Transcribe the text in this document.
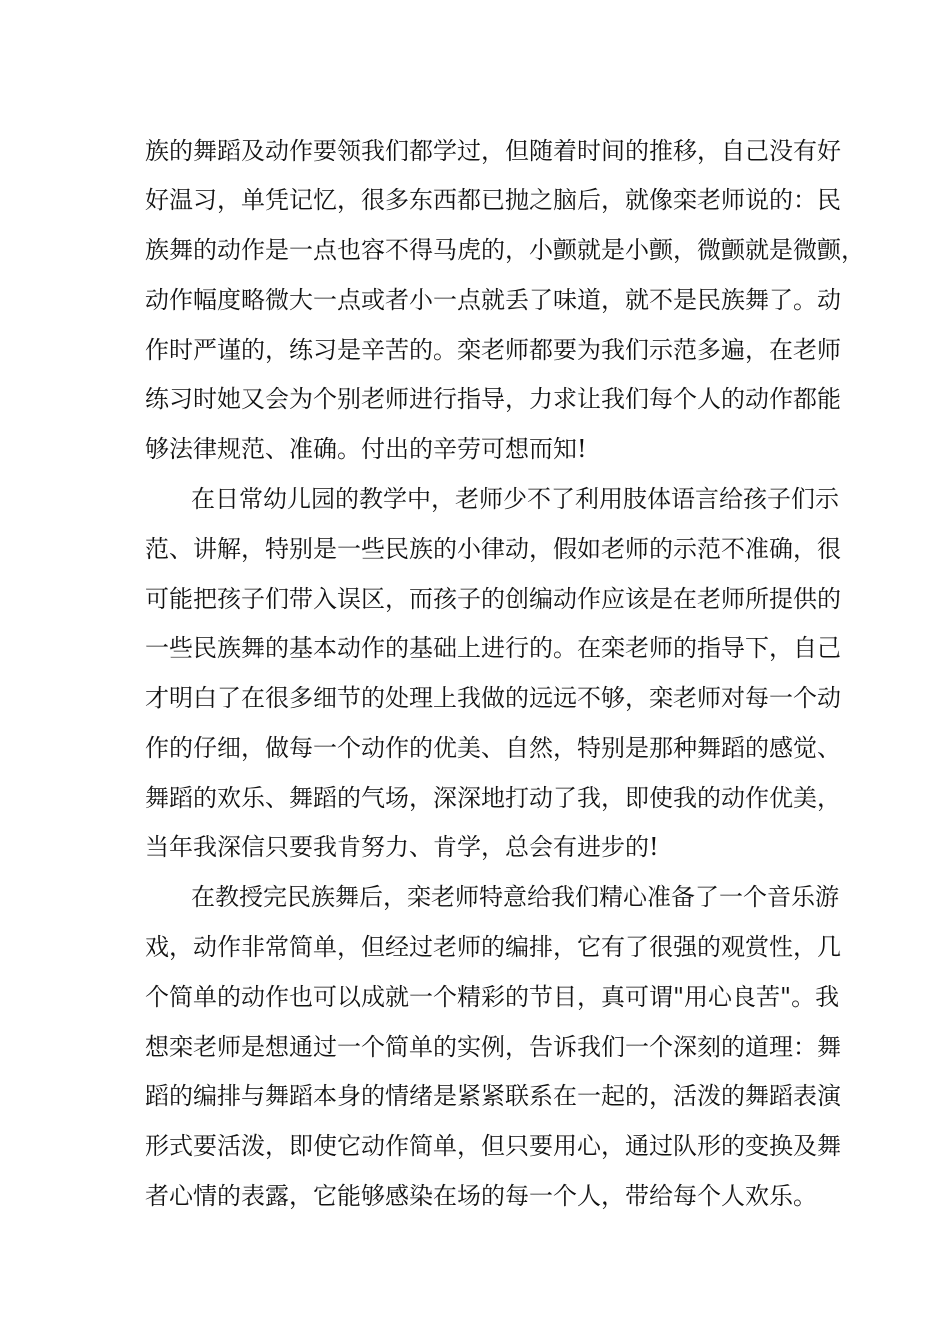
族的舞蹈及动作要领我们都学过，但随着时间的推移，自己没有好
好温习，单凭记忆，很多东西都已抛之脑后，就像栾老师说的：民
族舞的动作是一点也容不得马虎的，小颤就是小颤，微颤就是微颤，
动作幅度略微大一点或者小一点就丢了味道，就不是民族舞了。动
作时严谨的，练习是辛苦的。栾老师都要为我们示范多遍，在老师
练习时她又会为个别老师进行指导，力求让我们每个人的动作都能
够法律规范、准确。付出的辛劳可想而知!
在日常幼儿园的教学中，老师少不了利用肢体语言给孩子们示
范、讲解，特别是一些民族的小律动，假如老师的示范不准确，很
可能把孩子们带入误区，而孩子的创编动作应该是在老师所提供的
一些民族舞的基本动作的基础上进行的。在栾老师的指导下，自己
才明白了在很多细节的处理上我做的远远不够，栾老师对每一个动
作的仔细，做每一个动作的优美、自然，特别是那种舞蹈的感觉、
舞蹈的欢乐、舞蹈的气场，深深地打动了我，即使我的动作优美，
当年我深信只要我肯努力、肯学，总会有进步的!
在教授完民族舞后，栾老师特意给我们精心准备了一个音乐游
戏，动作非常简单，但经过老师的编排，它有了很强的观赏性，几
个简单的动作也可以成就一个精彩的节目，真可谓"用心良苦"。我
想栾老师是想通过一个简单的实例，告诉我们一个深刻的道理：舞
蹈的编排与舞蹈本身的情绪是紧紧联系在一起的，活泼的舞蹈表演
形式要活泼，即使它动作简单，但只要用心，通过队形的变换及舞
者心情的表露，它能够感染在场的每一个人，带给每个人欢乐。
